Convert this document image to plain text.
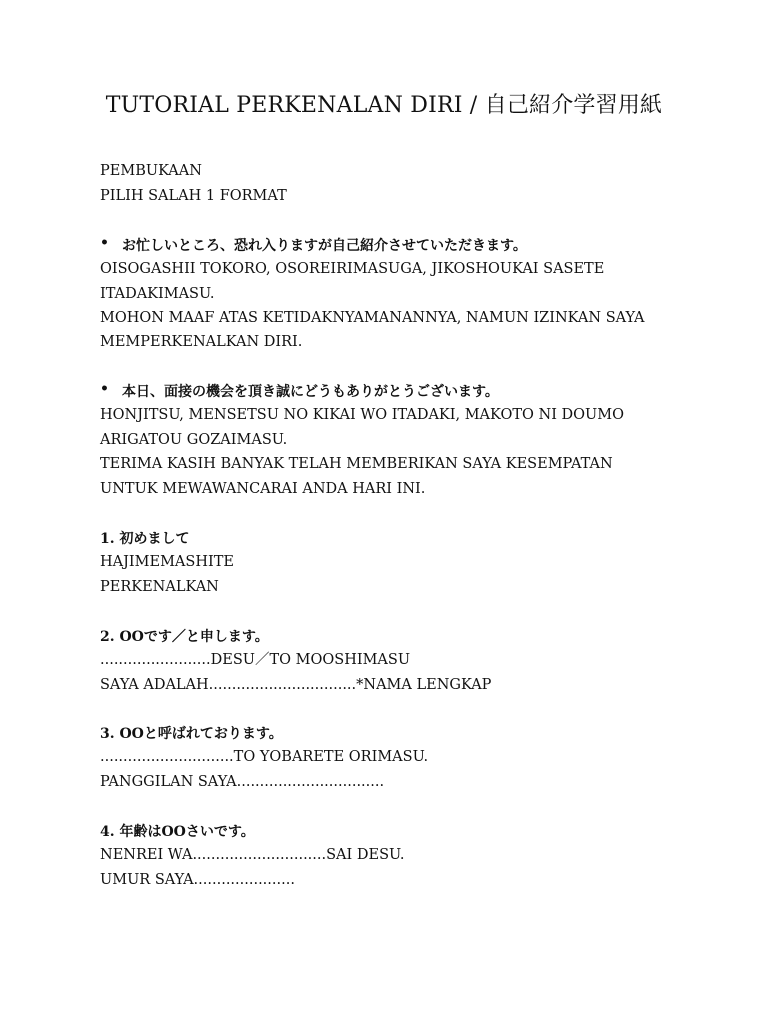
TUTORIAL PERKENALAN DIRI / 自己紹介学習用紙
PEMBUKAAN
PILIH SALAH 1 FORMAT
• お忙しいところ、恐れ入りますが自己紹介させていただきます。
OISOGASHII TOKORO, OSOREIRIMASUGA, JIKOSHOUKAI SASETE
ITADAKIMASU.
MOHON MAAF ATAS KETIDAKNYAMANANNYA, NAMUN IZINKAN SAYA
MEMPERKENALKAN DIRI.
• 本日、面接の機会を頂き誠にどうもありがとうございます。
HONJITSU, MENSETSU NO KIKAI WO ITADAKI, MAKOTO NI DOUMO
ARIGATOU GOZAIMASU.
TERIMA KASIH BANYAK TELAH MEMBERIKAN SAYA KESEMPATAN
UNTUK MEWAWANCARAI ANDA HARI INI.
1. 初めまして
HAJIMEMASHITE
PERKENALKAN
2. OOです／と申します。
........................DESU／TO MOOSHIMASU
SAYA ADALAH................................*NAMA LENGKAP
3. OOと呼ばれております。
.............................TO YOBARETE ORIMASU.
PANGGILAN SAYA................................
4. 年齢はOOさいです。
NENREI WA.............................SAI DESU.
UMUR SAYA......................
